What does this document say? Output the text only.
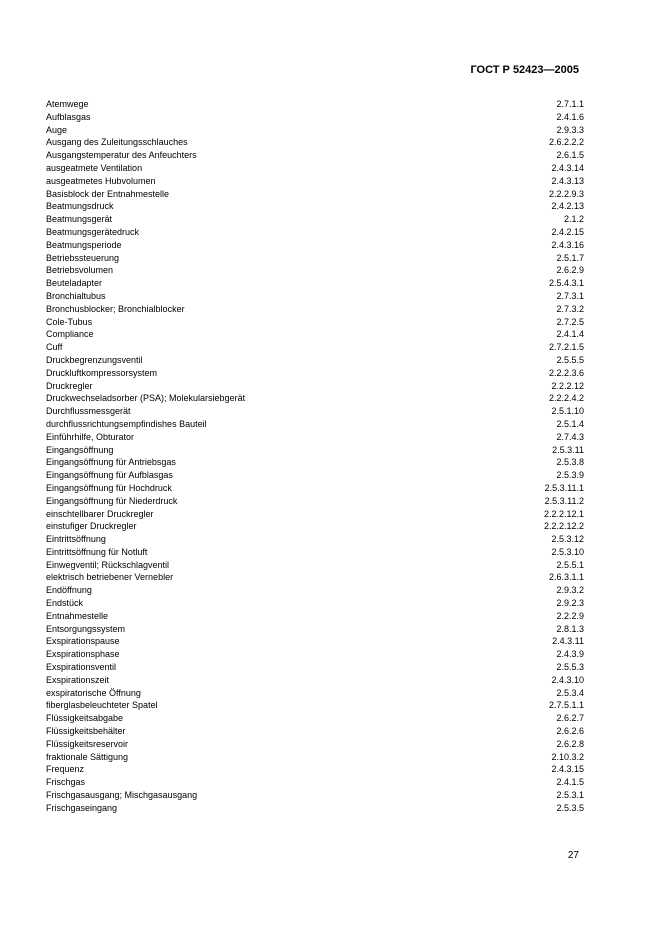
ГОСТ Р 52423—2005
Atemwege	2.7.1.1
Aufblasgas	2.4.1.6
Auge	2.9.3.3
Ausgang des Zuleitungsschlauches	2.6.2.2.2
Ausgangstemperatur des Anfeuchters	2.6.1.5
ausgeatmete Ventilation	2.4.3.14
ausgeatmetes Hubvolumen	2.4.3.13
Basisblock der Entnahmestelle	2.2.2.9.3
Beatmungsdruck	2.4.2.13
Beatmungsgerät	2.1.2
Beatmungsgerätedruck	2.4.2.15
Beatmungsperiode	2.4.3.16
Betriebssteuerung	2.5.1.7
Betriebsvolumen	2.6.2.9
Beuteladapter	2.5.4.3.1
Bronchialtubus	2.7.3.1
Bronchusblocker; Bronchialblocker	2.7.3.2
Cole-Tubus	2.7.2.5
Compliance	2.4.1.4
Cuff	2.7.2.1.5
Druckbegrenzungsventil	2.5.5.5
Druckluftkompressorsystem	2.2.2.3.6
Druckregler	2.2.2.12
Druckwechseladsorber (PSA); Molekularsiebgerät	2.2.2.4.2
Durchflussmessgerät	2.5.1.10
durchflussrichtungsempfindishes Bauteil	2.5.1.4
Einführhilfe, Obturator	2.7.4.3
Eingangsöffnung	2.5.3.11
Eingangsöffnung für Antriebsgas	2.5.3.8
Eingangsöffnung für Aufblasgas	2.5.3.9
Eingangsöffnung für Hochdruck	2.5.3.11.1
Eingangsöffnung für Niederdruck	2.5.3.11.2
einschtellbarer Druckregler	2.2.2.12.1
einstufiger Druckregler	2.2.2.12.2
Eintrittsöffnung	2.5.3.12
Eintrittsöffnung für Notluft	2.5.3.10
Einwegventil; Rückschlagventil	2.5.5.1
elektrisch betriebener Vernebler	2.6.3.1.1
Endöffnung	2.9.3.2
Endstück	2.9.2.3
Entnahmestelle	2.2.2.9
Entsorgungssystem	2.8.1.3
Exspirationspause	2.4.3.11
Exspirationsphase	2.4.3.9
Exspirationsventil	2.5.5.3
Exspirationszeit	2.4.3.10
exspiratorische Öffnung	2.5.3.4
fiberglasbeleuchteter Spatel	2.7.5.1.1
Flüssigkeitsabgabe	2.6.2.7
Flüssigkeitsbehälter	2.6.2.6
Flüssigkeitsreservoir	2.6.2.8
fraktionale Sättigung	2.10.3.2
Frequenz	2.4.3.15
Frischgas	2.4.1.5
Frischgasausgang; Mischgasausgang	2.5.3.1
Frischgaseingang	2.5.3.5
27
